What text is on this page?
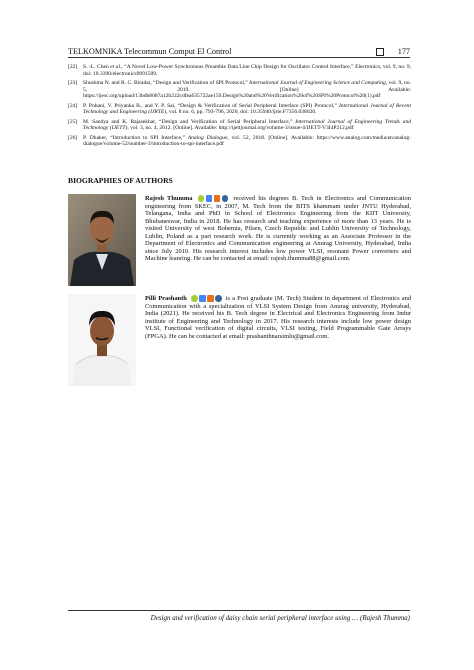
TELKOMNIKA Telecommun Comput El Control	177
[22]	S. -L. Chen et al., “A Novel Low-Power Synchronous Preamble Data Line Chip Design for Oscillator Control Interface,” Electronics, vol. 9, no. 9, doi: 10.3390/electronics9091509.
[23]	Shushma N. and R. C. Biradar, “Design and Verification of SPI Protocol,” International Journal of Engineering Science and Computing, vol. 9, no. 5, 2019. [Online] Available: https://ijesc.org/upload/13bdb8087a12b222cdfea635722ae159.Design%20and%20Verification%20of%20SPI%20Protocol%20(1).pdf
[24]	P. Pohani, V. Priyanka B., and Y. P. Sai, “Design & Verification of Serial Peripheral Interface (SPI) Protocol,” International Journal of Recent Technology and Engineering (IJRTE), vol. 8 no. 6, pp. 793-796, 2020, doi: 10.35940/ijrte.F7356.038620.
[25]	M. Sandya and K. Rajasekhar, “Design and Verification of Serial Peripheral Interface,” International Journal of Engineering Trends and Technology (IJETT), vol. 3, no. 4, 2012. [Online]. Available: http://ijettjournal.org/volume-3/issue-4/IJETT-V3I4P212.pdf
[26]	P. Dhaker, “Introduction to SPI Interface,” Analog Dialogue, vol. 52, 2018. [Online]. Available: https://www.analog.com/media/en/analog-dialogue/volume-52/number-3/introduction-to-spi-interface.pdf
BIOGRAPHIES OF AUTHORS
Rajesh Thumma	received his degrees B. Tech in Electronics and Communication engineering from SKEC, in 2007, M. Tech from the BITS khammam under JNTU Hyderabad, Telangana, India and PhD in School of Electronics Engineering from the KIIT University, Bhubaneswar, India in 2018. He has research and teaching experience of more than 13 years. He is visited University of west Bohemia, Pilsen, Czech Republic and Lublin University of Technology, Lublin, Poland as a part research work. He is currently working as an Associate Professor in the Department of Electronics and Communication engineering at Anurag University, Hyderabad, India since July 2010. His research interest includes low power VLSI, resonant Power converters and Machine leanring. He can be contacted at email: rajesh.thumma88@gmail.com.
Pilli Prashanth	is a Post graduate (M. Tech) Student in department of Electronics and Communication with a specialization of VLSI System Design from Anurag university, Hyderabad, India (2021). He received his B. Tech degree in Electrical and Electronics Engineering from Indur institute of Engineering and Technology in 2017. His research interests include low power design VLSI, Functional verification of digital circuits, VLSI testing, Field Programmable Gate Arrays (FPGA). He can be contacted at email: prashanthnarsimlu@gmail.com.
Design and verification of daisy chain serial peripheral interface using … (Rajesh Thumma)
